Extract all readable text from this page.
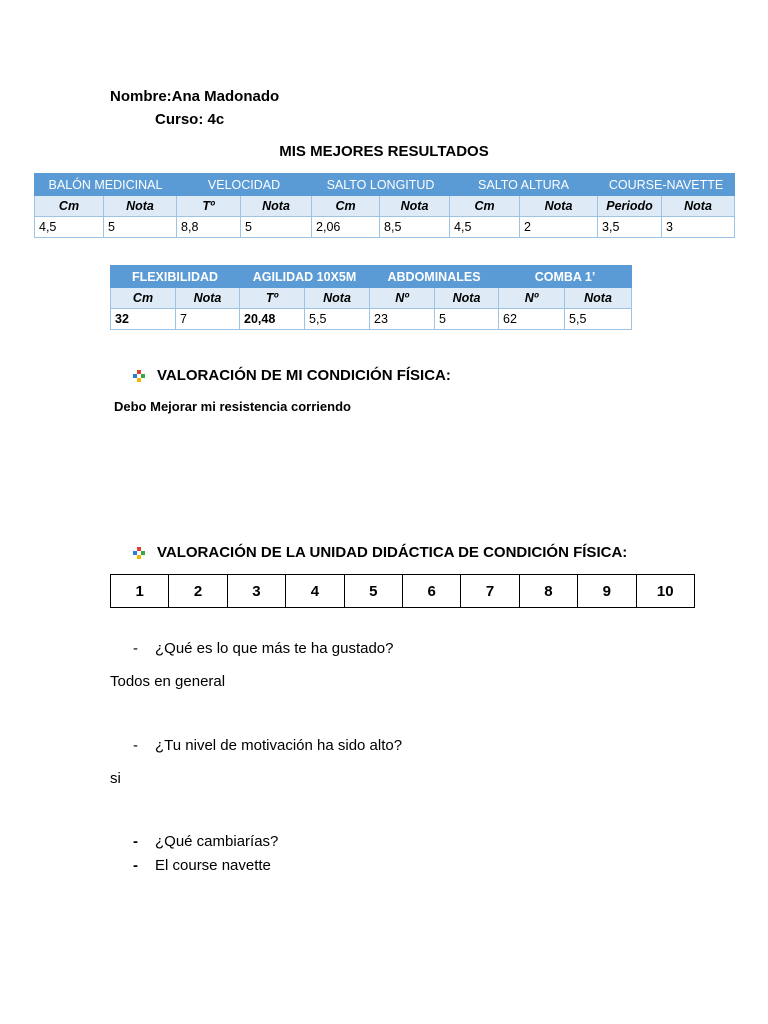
Nombre:Ana Madonado
Curso: 4c
MIS MEJORES RESULTADOS
BALÓN MEDICINAL		VELOCIDAD		SALTO LONGITUD		SALTO ALTURA		COURSE-NAVETTE	
Cm	Nota	Tº	Nota	Cm	Nota	Cm	Nota	Periodo	Nota
4,5	5	8,8	5	2,06	8,5	4,5	2	3,5	3
FLEXIBILIDAD		AGILIDAD 10X5M		ABDOMINALES		COMBA 1’	
Cm	Nota	Tº	Nota	Nº	Nota	Nº	Nota
32	7	20,48	5,5	23	5	62	5,5
VALORACIÓN DE MI CONDICIÓN FÍSICA:
Debo Mejorar mi resistencia corriendo
VALORACIÓN DE LA UNIDAD DIDÁCTICA DE CONDICIÓN FÍSICA:
1	2	3	4	5	6	7	8	9	10
- ¿Qué es lo que más te ha gustado?
Todos en general
- ¿Tu nivel de motivación ha sido alto?
si
- ¿Qué cambiarías?
- El course navette
